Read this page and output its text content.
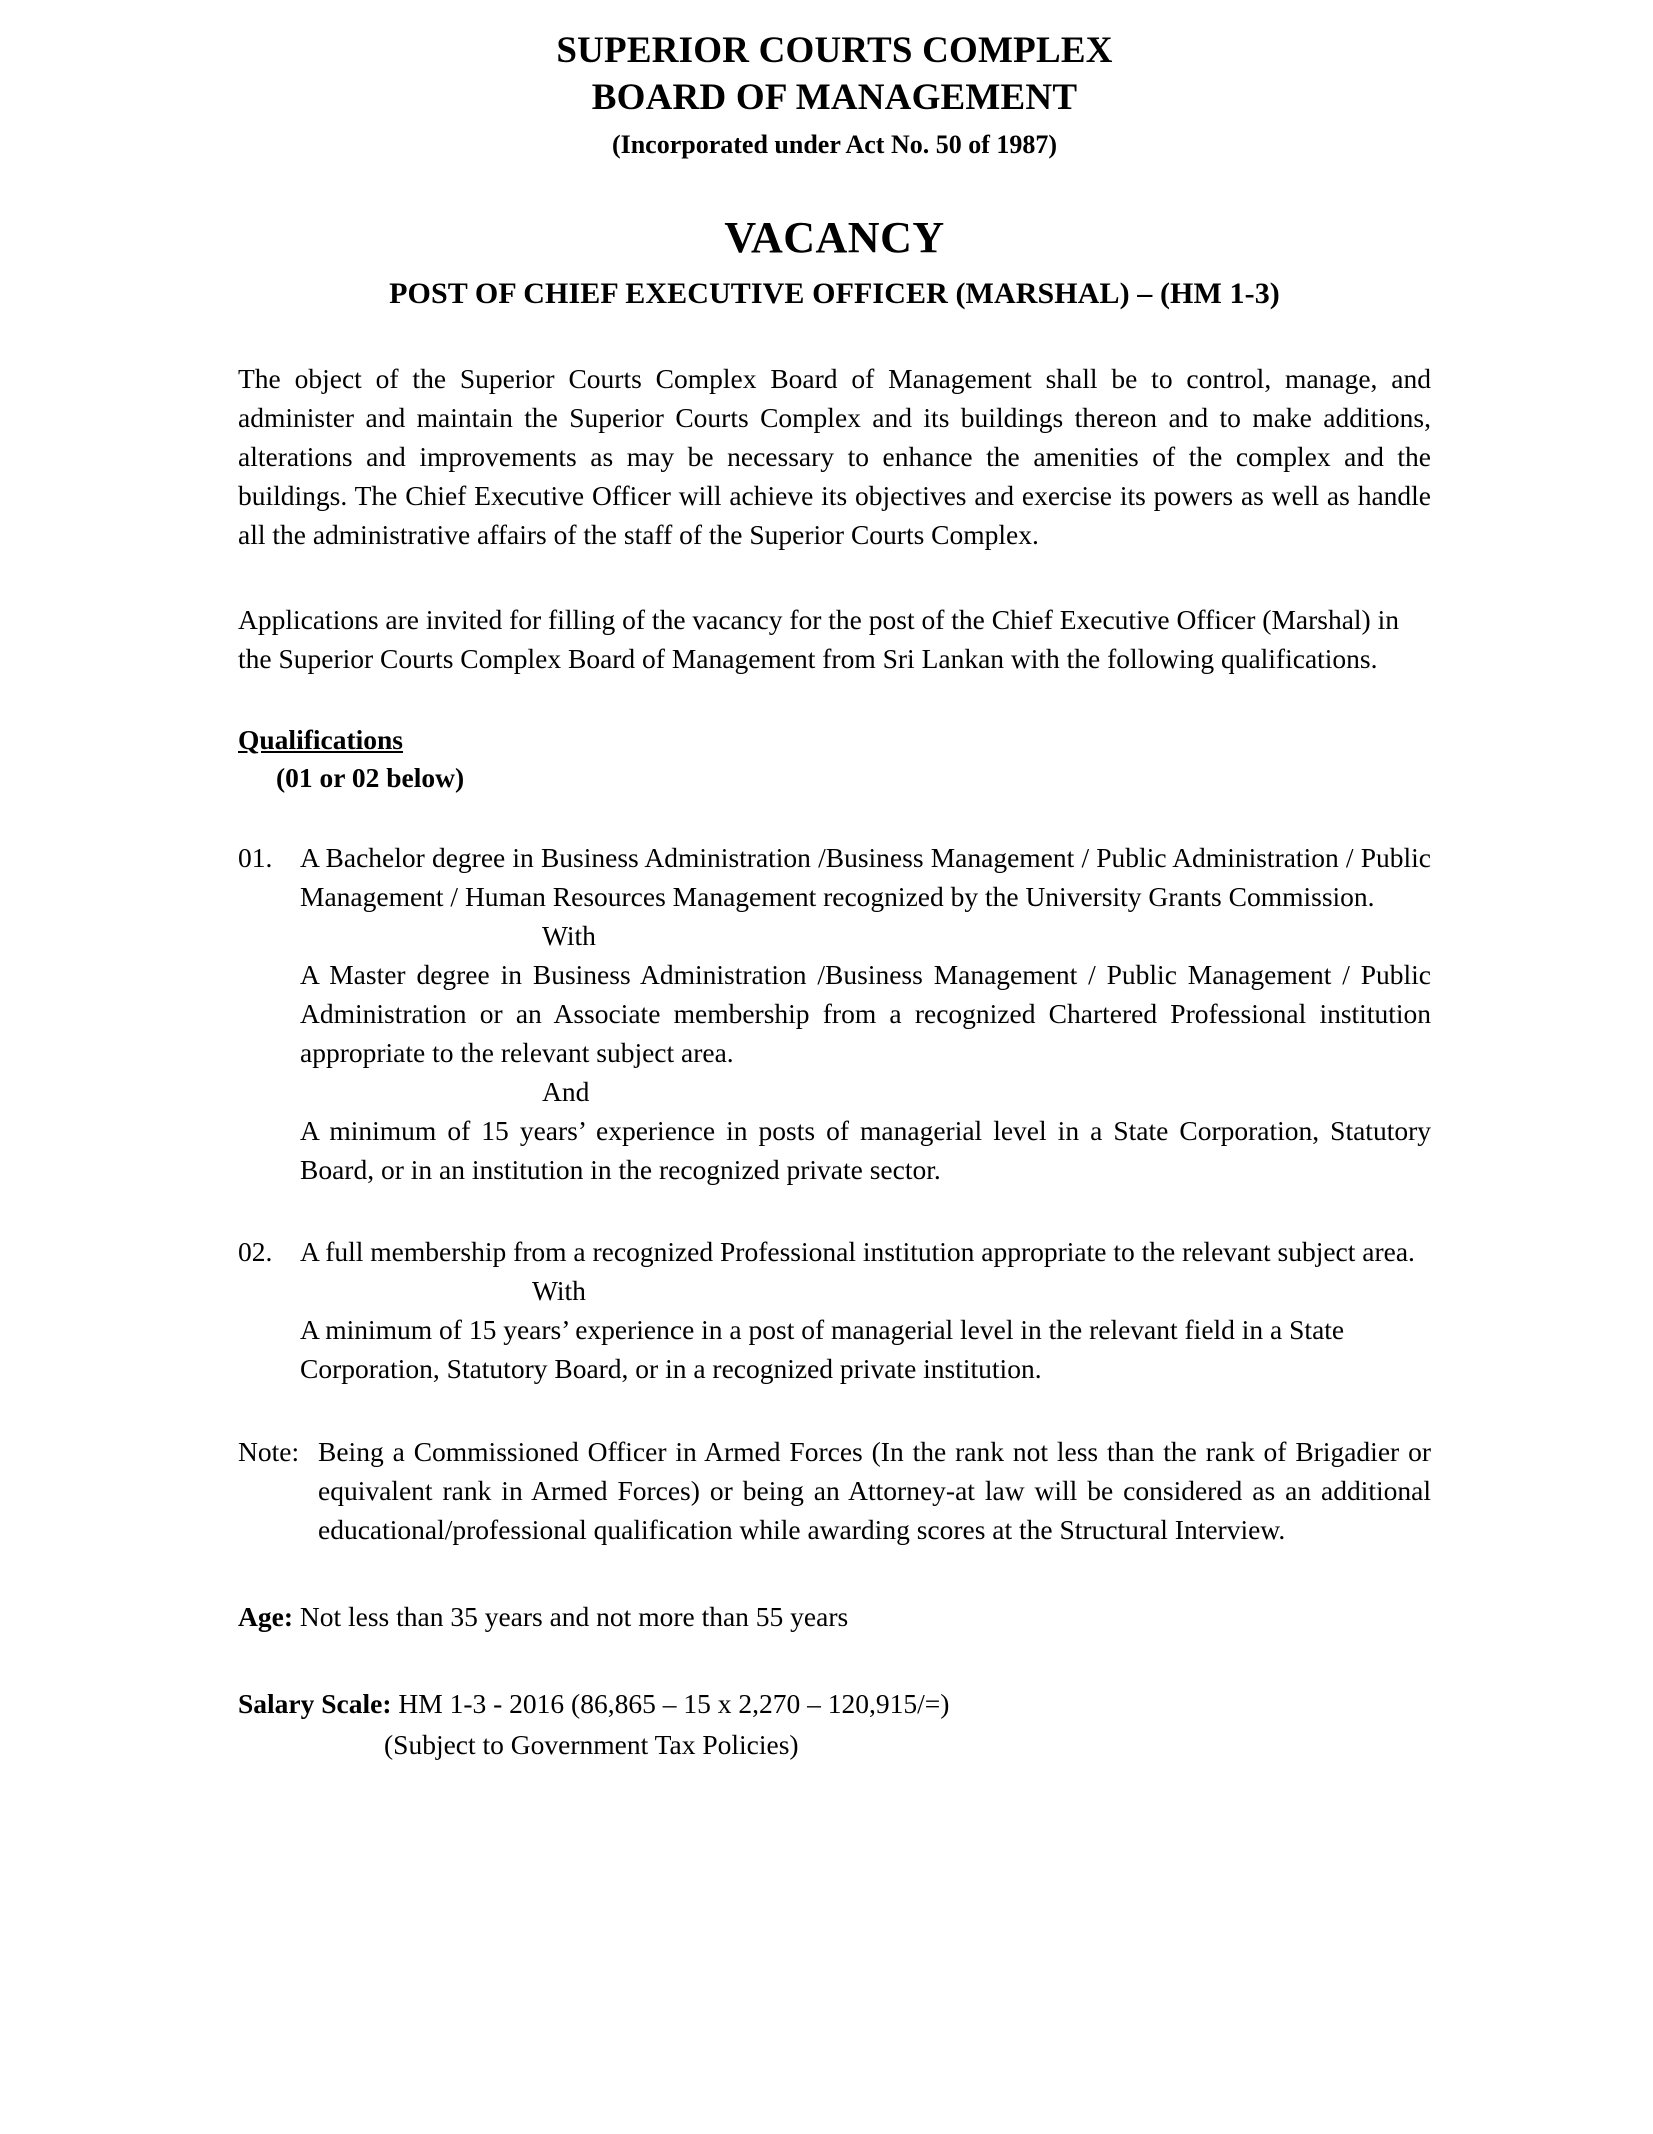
SUPERIOR COURTS COMPLEX
BOARD OF MANAGEMENT
(Incorporated under Act No. 50 of 1987)
VACANCY
POST OF CHIEF EXECUTIVE OFFICER (MARSHAL) – (HM 1-3)
The object of the Superior Courts Complex Board of Management shall be to control, manage, and administer and maintain the Superior Courts Complex and its buildings thereon and to make additions, alterations and improvements as may be necessary to enhance the amenities of the complex and the buildings. The Chief Executive Officer will achieve its objectives and exercise its powers as well as handle all the administrative affairs of the staff of the Superior Courts Complex.
Applications are invited for filling of the vacancy for the post of the Chief Executive Officer (Marshal) in the Superior Courts Complex Board of Management from Sri Lankan with the following qualifications.
Qualifications
(01 or 02 below)
01.	A Bachelor degree in Business Administration /Business Management / Public Administration / Public Management / Human Resources Management recognized by the University Grants Commission.

With

A Master degree in Business Administration /Business Management / Public Management / Public Administration or an Associate membership from a recognized Chartered Professional institution appropriate to the relevant subject area.

And

A minimum of 15 years’ experience in posts of managerial level in a State Corporation, Statutory Board, or in an institution in the recognized private sector.

02.	A full membership from a recognized Professional institution appropriate to the relevant subject area.

With

A minimum of 15 years’ experience in a post of managerial level in the relevant field in a State Corporation, Statutory Board, or in a recognized private institution.

Note: Being a Commissioned Officer in Armed Forces (In the rank not less than the rank of Brigadier or equivalent rank in Armed Forces) or being an Attorney-at law will be considered as an additional educational/professional qualification while awarding scores at the Structural Interview.
Age: Not less than 35 years and not more than 55 years
Salary Scale: HM 1-3 - 2016 (86,865 – 15 x 2,270 – 120,915/=)
(Subject to Government Tax Policies)
